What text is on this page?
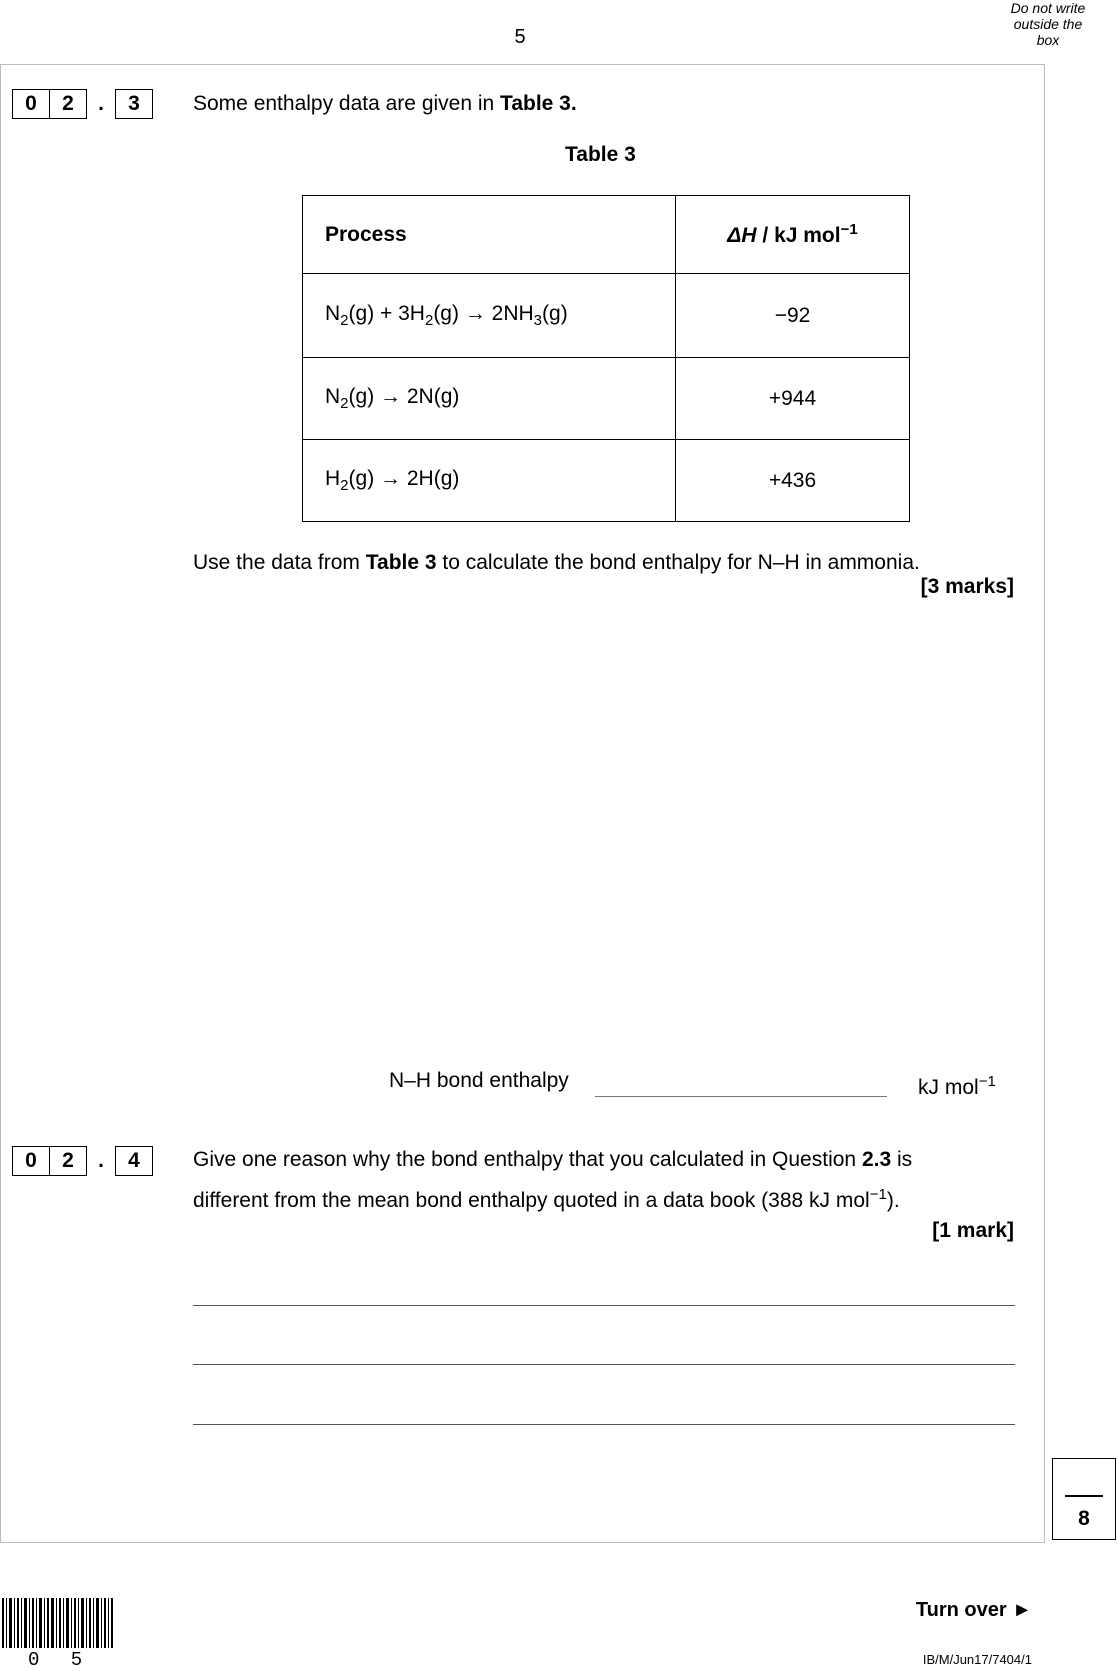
5
Do not write
outside the
box
0	2	.	3	Some enthalpy data are given in Table 3.
Table 3
Process	ΔH / kJ mol$^{-1}$
$N_2(g) + 3H_2(g) \to 2NH_3(g)$	−92
$N_2(g) \to 2N(g)$	+944
$H_2(g) \to 2H(g)$	+436
Use the data from Table 3 to calculate the bond enthalpy for N–H in ammonia.
[3 marks]
N–H bond enthalpy	kJ mol$^{-1}$
0	2	.	4	Give one reason why the bond enthalpy that you calculated in Question 2.3 is
different from the mean bond enthalpy quoted in a data book (388 kJ mol$^{-1}$).
[1 mark]
8
0 5
Turn over ►
IB/M/Jun17/7404/1
